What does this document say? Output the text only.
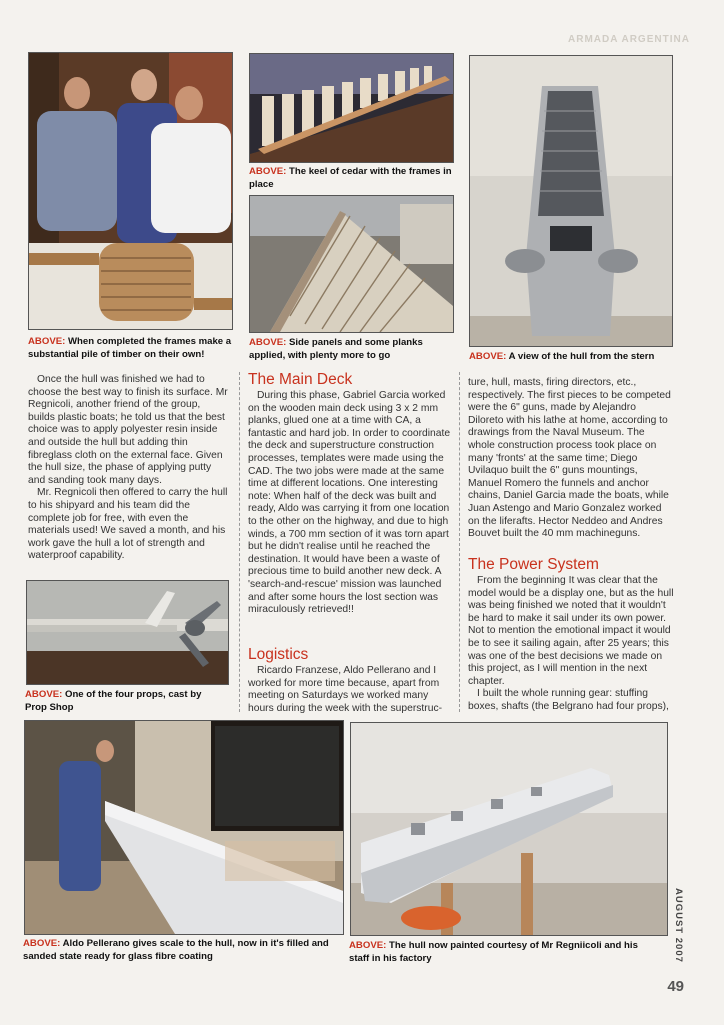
ARMADA ARGENTINA
ABOVE: When completed the frames make a substantial pile of timber on their own!
ABOVE: The keel of cedar with the frames in place
ABOVE: Side panels and some planks applied, with plenty more to go	ABOVE: A view of the hull from the stern

Once the hull was finished we had to choose the best way to finish its surface. Mr Regnicoli, another friend of the group, builds plastic boats; he told us that the best choice was to apply polyester resin inside and outside the hull but adding thin fibreglass cloth on the external face. Given the hull size, the phase of applying putty and sanding took many days.

Mr. Regnicoli then offered to carry the hull to his shipyard and his team did the complete job for free, with even the materials used! We saved a month, and his work gave the hull a lot of strength and waterproof capability.

ABOVE: One of the four props, cast by Prop Shop
The Main Deck

During this phase, Gabriel Garcia worked on the wooden main deck using 3 x 2 mm planks, glued one at a time with CA, a fantastic and hard job. In order to coordinate the deck and superstructure construction processes, templates were made using the CAD. The two jobs were made at the same time at different locations. One interesting note: When half of the deck was built and ready, Aldo was carrying it from one location to the other on the highway, and due to high winds, a 700 mm section of it was torn apart but he didn't realise until he reached the destination. It would have been a waste of precious time to build another new deck. A 'search-and-rescue' mission was launched and after some hours the lost section was miraculously retrieved!!

Logistics

Ricardo Franzese, Aldo Pellerano and I worked for more time because, apart from meeting on Saturdays we worked many hours during the week with the superstruc-

ture, hull, masts, firing directors, etc., respectively. The first pieces to be competed were the 6" guns, made by Alejandro Diloreto with his lathe at home, according to drawings from the Naval Museum. The whole construction process took place on many 'fronts' at the same time; Diego Uvilaquo built the 6" guns mountings, Manuel Romero the funnels and anchor chains, Daniel Garcia made the boats, while Juan Astengo and Mario Gonzalez worked on the liferafts. Hector Neddeo and Andres Bouvet built the 40 mm machineguns.

The Power System

From the beginning It was clear that the model would be a display one, but as the hull was being finished we noted that it wouldn't be hard to make it sail under its own power. Not to mention the emotional impact it would be to see it sailing again, after 25 years; this was one of the best decisions we made on this project, as I will mention in the next chapter.

I built the whole running gear: stuffing boxes, shafts (the Belgrano had four props),

ABOVE: Aldo Pellerano gives scale to the hull, now in it's filled and sanded state ready for glass fibre coating
ABOVE: The hull now painted courtesy of Mr Regniicoli and his staff in his factory	AUGUST 2007
49
